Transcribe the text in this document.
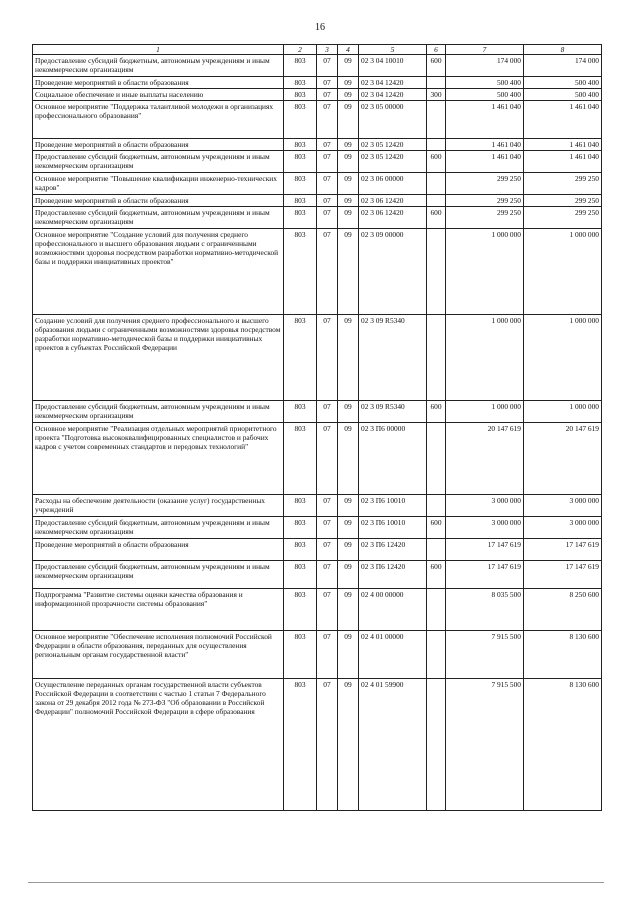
16
1	2	3	4	5	6	7	8
Предоставление субсидий бюджетным, автономным учреждениям и иным некоммерческим организациям	803	07	09	02 3 04 10010	600	174 000	174 000
Проведение мероприятий в области образования	803	07	09	02 3 04 12420		500 400	500 400
Социальное обеспечение и иные выплаты населению	803	07	09	02 3 04 12420	300	500 400	500 400
Основное мероприятие "Поддержка талантливой молодежи в организациях профессионального образования"	803	07	09	02 3 05 00000		1 461 040	1 461 040
Проведение мероприятий в области образования	803	07	09	02 3 05 12420		1 461 040	1 461 040
Предоставление субсидий бюджетным, автономным учреждениям и иным некоммерческим организациям	803	07	09	02 3 05 12420	600	1 461 040	1 461 040
Основное мероприятие "Повышение квалификации инженерно-технических кадров"	803	07	09	02 3 06 00000		299 250	299 250
Проведение мероприятий в области образования	803	07	09	02 3 06 12420		299 250	299 250
Предоставление субсидий бюджетным, автономным учреждениям и иным некоммерческим организациям	803	07	09	02 3 06 12420	600	299 250	299 250
Основное мероприятие "Создание условий для получения среднего профессионального и высшего образования людьми с ограниченными возможностями здоровья посредством разработки нормативно-методической базы и поддержки инициативных проектов"	803	07	09	02 3 09 00000		1 000 000	1 000 000
Создание условий для получения среднего профессионального и высшего образования людьми с ограниченными возможностями здоровья посредством разработки нормативно-методической базы и поддержки инициативных проектов в субъектах Российской Федерации	803	07	09	02 3 09 R5340		1 000 000	1 000 000
Предоставление субсидий бюджетным, автономным учреждениям и иным некоммерческим организациям	803	07	09	02 3 09 R5340	600	1 000 000	1 000 000
Основное мероприятие "Реализация отдельных мероприятий приоритетного проекта "Подготовка высококвалифицированных специалистов и рабочих кадров с учетом современных стандартов и передовых технологий"	803	07	09	02 3 П6 00000		20 147 619	20 147 619
Расходы на обеспечение деятельности (оказание услуг) государственных учреждений	803	07	09	02 3 П6 10010		3 000 000	3 000 000
Предоставление субсидий бюджетным, автономным учреждениям и иным некоммерческим организациям	803	07	09	02 3 П6 10010	600	3 000 000	3 000 000
Проведение мероприятий в области образования	803	07	09	02 3 П6 12420		17 147 619	17 147 619
Предоставление субсидий бюджетным, автономным учреждениям и иным некоммерческим организациям	803	07	09	02 3 П6 12420	600	17 147 619	17 147 619
Подпрограмма "Развитие системы оценки качества образования и информационной прозрачности системы образования"	803	07	09	02 4 00 00000		8 035 500	8 250 600
Основное мероприятие "Обеспечение исполнения полномочий Российской Федерации в области образования, переданных для осуществления региональным органам государственной власти"	803	07	09	02 4 01 00000		7 915 500	8 130 600
Осуществление переданных органам государственной власти субъектов Российской Федерации в соответствии с частью 1 статьи 7 Федерального закона от 29 декабря 2012 года № 273-ФЗ "Об образовании в Российской Федерации" полномочий Российской Федерации в сфере образования	803	07	09	02 4 01 59900		7 915 500	8 130 600
